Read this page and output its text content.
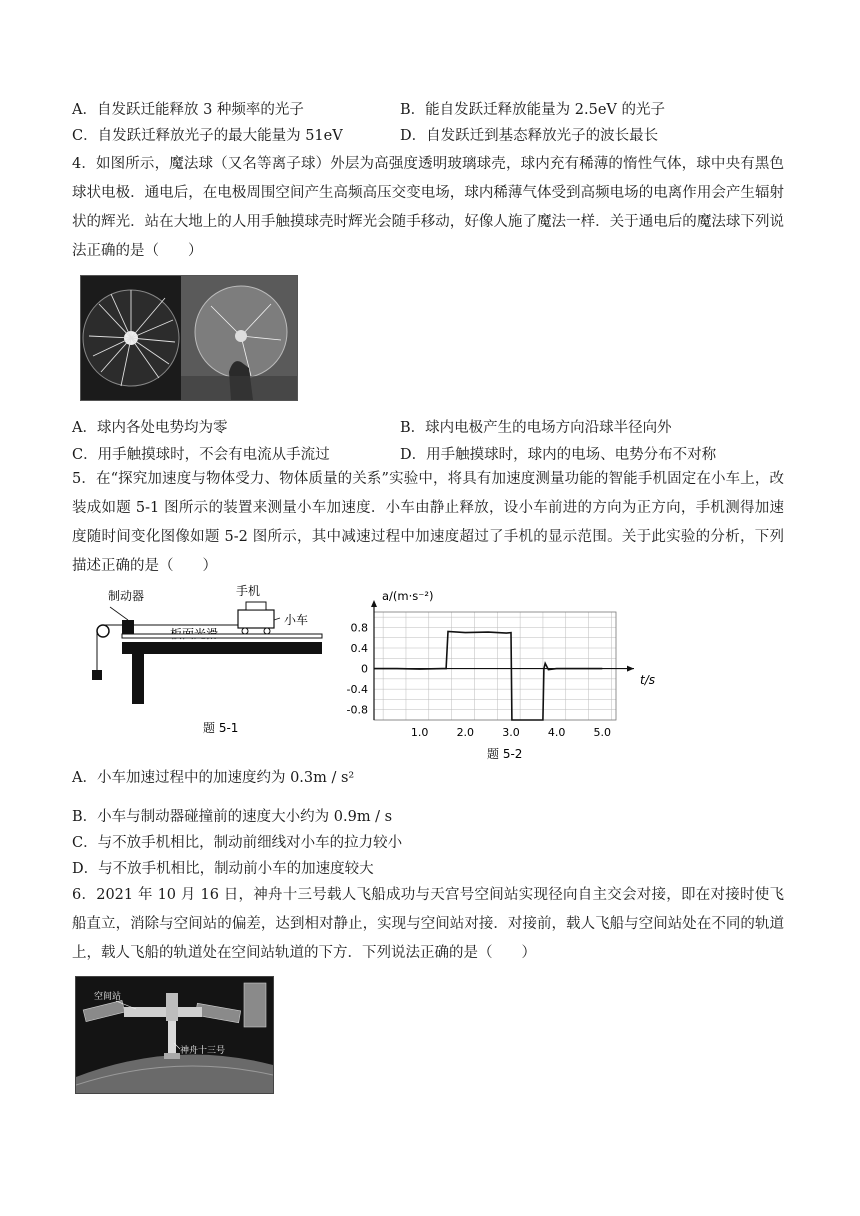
A．自发跃迁能释放 3 种频率的光子	B．能自发跃迁释放能量为 2.5eV 的光子
C．自发跃迁释放光子的最大能量为 51eV	D．自发跃迁到基态释放光子的波长最长
4．如图所示，魔法球（又名等离子球）外层为高强度透明玻璃球壳，球内充有稀薄的惰性气体，球中央有黑色球状电极．通电后，在电极周围空间产生高频高压交变电场，球内稀薄气体受到高频电场的电离作用会产生辐射状的辉光．站在大地上的人用手触摸球壳时辉光会随手移动，好像人施了魔法一样．关于通电后的魔法球下列说法正确的是（　　）
A．球内各处电势均为零	B．球内电极产生的电场方向沿球半径向外
C．用手触摸球时，不会有电流从手流过	D．用手触摸球时，球内的电场、电势分布不对称
5．在“探究加速度与物体受力、物体质量的关系”实验中，将具有加速度测量功能的智能手机固定在小车上，改装成如题 5-1 图所示的装置来测量小车加速度．小车由静止释放，设小车前进的方向为正方向，手机测得加速度随时间变化图像如题 5-2 图所示，其中减速过程中加速度超过了手机的显示范围。关于此实验的分析，下列描述正确的是（　　）
制动器	手机
小车
题 5-1
-0.8
-0.4
0
0.4
0.8
1.0	2.0	3.0	4.0	5.0
a/(m·s⁻²)
t/s
题 5-2
A．小车加速过程中的加速度约为 0.3m / s²
B．小车与制动器碰撞前的速度大小约为 0.9m / s
C．与不放手机相比，制动前细线对小车的拉力较小
D．与不放手机相比，制动前小车的加速度较大
6．2021 年 10 月 16 日，神舟十三号载人飞船成功与天宫号空间站实现径向自主交会对接，即在对接时使飞船直立，消除与空间站的偏差，达到相对静止，实现与空间站对接．对接前，载人飞船与空间站处在不同的轨道上，载人飞船的轨道处在空间站轨道的下方．下列说法正确的是（　　）
空间站
神舟十三号
